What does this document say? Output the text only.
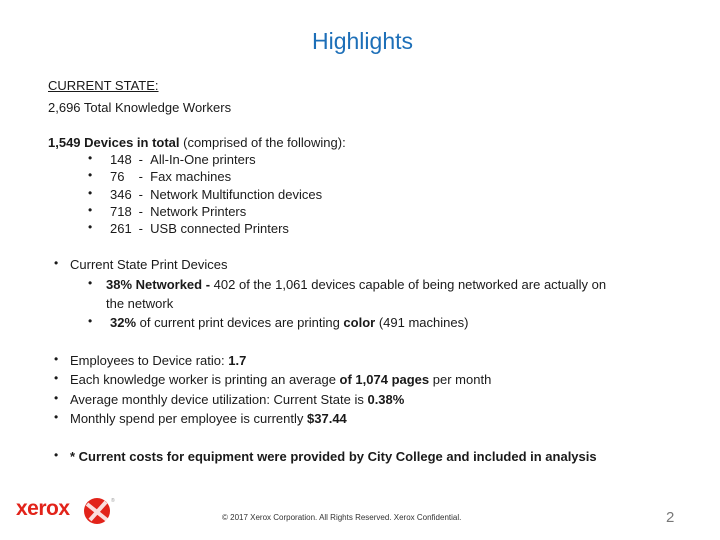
Highlights
CURRENT STATE:
2,696 Total Knowledge Workers
1,549 Devices in total (comprised of the following):
• 148 -  All-In-One printers
• 76 -  Fax machines
• 346 -  Network Multifunction devices
• 718 -  Network Printers
• 261 -  USB connected Printers
• Current State Print Devices
• 38% Networked - 402 of the 1,061 devices capable of being networked are actually on
the network
• 32% of current print devices are printing color (491 machines)
• Employees to Device ratio: 1.7
• Each knowledge worker is printing an average of 1,074 pages per month
• Average monthly device utilization: Current State is 0.38%
• Monthly spend per employee is currently $37.44
• * Current costs for equipment were provided by City College and included in analysis
xerox	®
© 2017 Xerox Corporation. All Rights Reserved. Xerox Confidential.	2
